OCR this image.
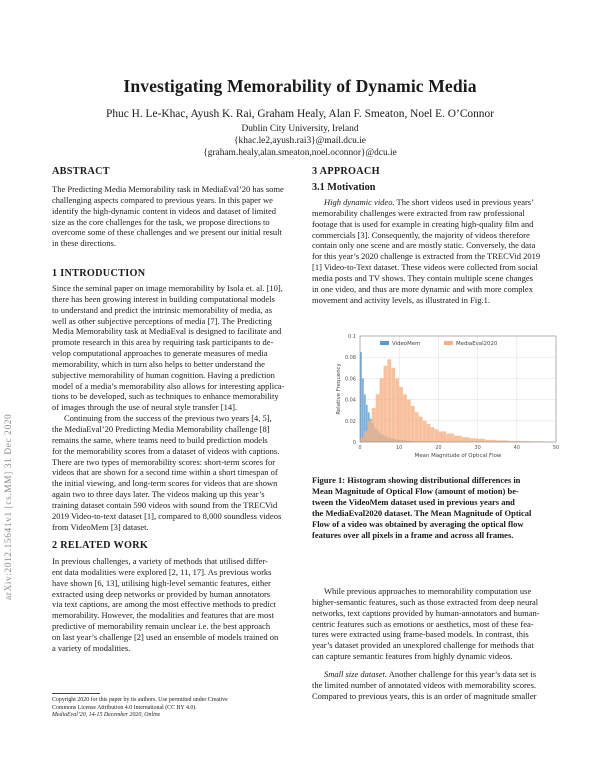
arXiv:2012.15641v1 [cs.MM] 31 Dec 2020
Investigating Memorability of Dynamic Media
Phuc H. Le-Khac, Ayush K. Rai, Graham Healy, Alan F. Smeaton, Noel E. O’Connor
Dublin City University, Ireland
{khac.le2,ayush.rai3}@mail.dcu.ie
{graham.healy,alan.smeaton,noel.oconnor}@dcu.ie
ABSTRACT

The Predicting Media Memorability task in MediaEval’20 has some

challenging aspects compared to previous years. In this paper we

identify the high-dynamic content in videos and dataset of limited

size as the core challenges for the task, we propose directions to

overcome some of these challenges and we present our initial result

in these directions.

1 INTRODUCTION

Since the seminal paper on image memorability by Isola et. al. [10],

there has been growing interest in building computational models

to understand and predict the intrinsic memorability of media, as

well as other subjective perceptions of media [7]. The Predicting

Media Memorability task at MediaEval is designed to facilitate and

promote research in this area by requiring task participants to de-

velop computational approaches to generate measures of media

memorability, which in turn also helps to better understand the

subjective memorability of human cognition. Having a prediction

model of a media’s memorability also allows for interesting applica-

tions to be developed, such as techniques to enhance memorability

of images through the use of neural style transfer [14].

Continuing from the success of the previous two years [4, 5],

the MediaEval’20 Predicting Media Memorability challenge [8]

remains the same, where teams need to build prediction models

for the memorability scores from a dataset of videos with captions.

There are two types of memorability scores: short-term scores for

videos that are shown for a second time within a short timespan of

the initial viewing, and long-term scores for videos that are shown

again two to three days later. The videos making up this year’s

training dataset contain 590 videos with sound from the TRECVid

2019 Video-to-text dataset [1], compared to 8,000 soundless videos

from VideoMem [3] dataset.

2 RELATED WORK

In previous challenges, a variety of methods that utilised differ-

ent data modalities were explored [2, 11, 17]. As previous works

have shown [6, 13], utilising high-level semantic features, either

extracted using deep networks or provided by human annotators

via text captions, are among the most effective methods to predict

memorability. However, the modalities and features that are most

predictive of memorability remain unclear i.e. the best approach

on last year’s challenge [2] used an ensemble of models trained on

a variety of modalities.

Copyright 2020 for this paper by its authors. Use permitted under Creative

Commons License Attribution 4.0 International (CC BY 4.0).

MediaEval’20, 14-15 December 2020, Online

3 APPROACH
3.1 Motivation

High dynamic video. The short videos used in previous years’

memorability challenges were extracted from raw professional

footage that is used for example in creating high-quality film and

commercials [3]. Consequently, the majority of videos therefore

contain only one scene and are mostly static. Conversely, the data

for this year’s 2020 challenge is extracted from the TRECVid 2019

[1] Video-to-Text dataset. These videos were collected from social

media posts and TV shows. They contain multiple scene changes

in one video, and thus are more dynamic and with more complex

movement and activity levels, as illustrated in Fig.1.

0.1
0.08
0.06
0.04
0.02
0
0	10	20	30	40	50
Mean Magnitude of Optical Flow
Relative Frequency
VideoMem	MediaEval2020

Figure 1: Histogram showing distributional differences in

Mean Magnitude of Optical Flow (amount of motion) be-

tween the VideoMem dataset used in previous years and

the MediaEval2020 dataset. The Mean Magnitude of Optical

Flow of a video was obtained by averaging the optical flow

features over all pixels in a frame and across all frames.

While previous approaches to memorability computation use

higher-semantic features, such as those extracted from deep neural

networks, text captions provided by human-annotators and human-

centric features such as emotions or aesthetics, most of these fea-

tures were extracted using frame-based models. In contrast, this

year’s dataset provided an unexplored challenge for methods that

can capture semantic features from highly dynamic videos.

Small size dataset. Another challenge for this year’s data set is

the limited number of annotated videos with memorability scores.

Compared to previous years, this is an order of magnitude smaller
